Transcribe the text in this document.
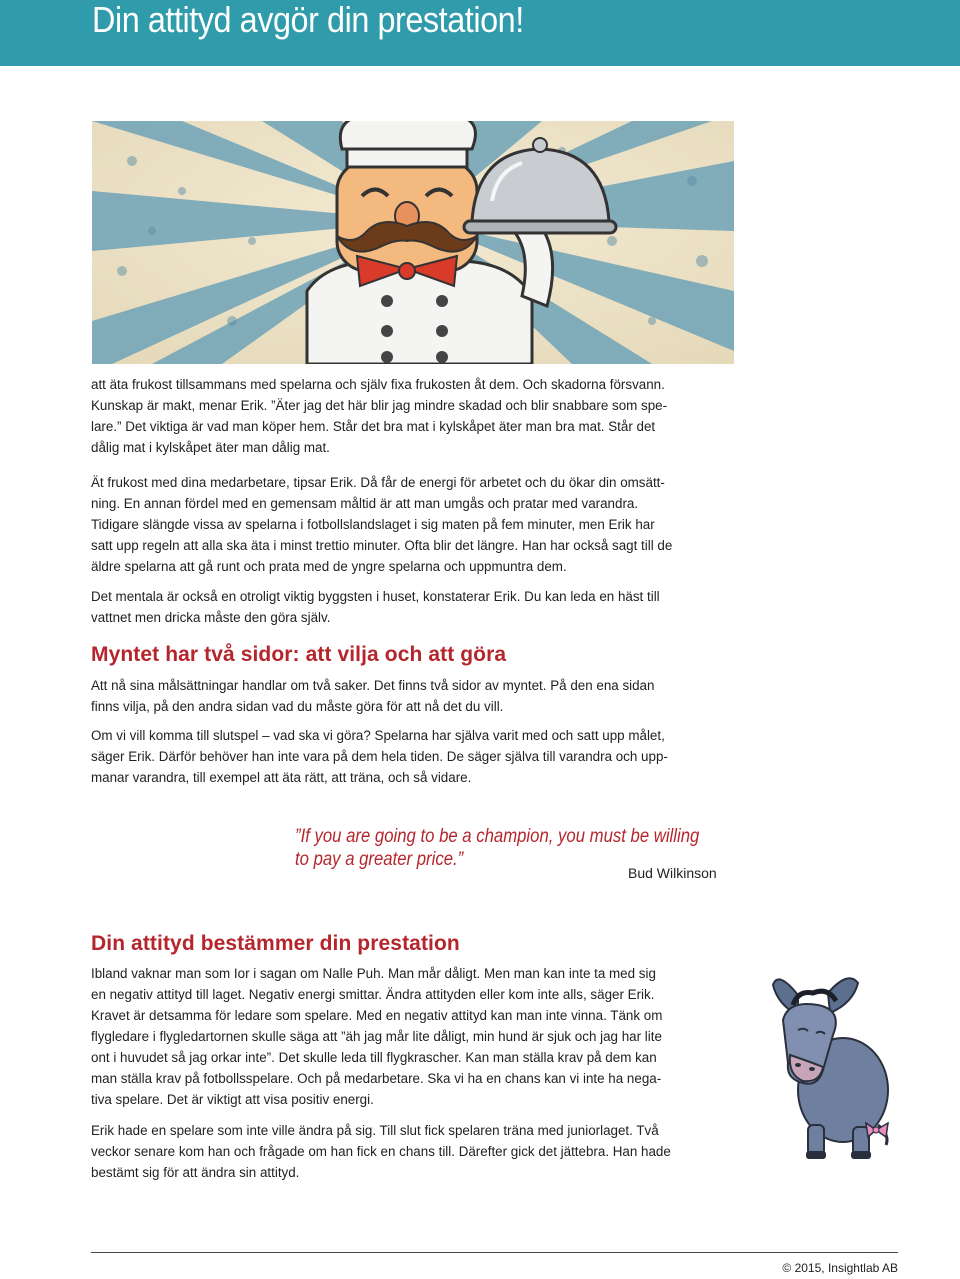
Din attityd avgör din prestation!

att äta frukost tillsammans med spelarna och själv fixa frukosten åt dem. Och skadorna försvann.

Kunskap är makt, menar Erik. ”Äter jag det här blir jag mindre skadad och blir snabbare som spe-

lare.” Det viktiga är vad man köper hem. Står det bra mat i kylskåpet äter man bra mat. Står det

dålig mat i kylskåpet äter man dålig mat.

Ät frukost med dina medarbetare, tipsar Erik. Då får de energi för arbetet och du ökar din omsätt-

ning. En annan fördel med en gemensam måltid är att man umgås och pratar med varandra.

Tidigare slängde vissa av spelarna i fotbollslandslaget i sig maten på fem minuter, men Erik har

satt upp regeln att alla ska äta i minst trettio minuter. Ofta blir det längre. Han har också sagt till de

äldre spelarna att gå runt och prata med de yngre spelarna och uppmuntra dem.

Det mentala är också en otroligt viktig byggsten i huset, konstaterar Erik. Du kan leda en häst till

vattnet men dricka måste den göra själv.

Myntet har två sidor: att vilja och att göra

Att nå sina målsättningar handlar om två saker. Det finns två sidor av myntet. På den ena sidan

finns vilja, på den andra sidan vad du måste göra för att nå det du vill.

Om vi vill komma till slutspel – vad ska vi göra? Spelarna har själva varit med och satt upp målet,

säger Erik. Därför behöver han inte vara på dem hela tiden. De säger själva till varandra och upp-

manar varandra, till exempel att äta rätt, att träna, och så vidare.

”If you are going to be a champion, you must be willing
to pay a greater price.”
Bud Wilkinson
Din attityd bestämmer din prestation

Ibland vaknar man som Ior i sagan om Nalle Puh. Man mår dåligt. Men man kan inte ta med sig

en negativ attityd till laget. Negativ energi smittar. Ändra attityden eller kom inte alls, säger Erik.

Kravet är detsamma för ledare som spelare. Med en negativ attityd kan man inte vinna. Tänk om

flygledare i flygledartornen skulle säga att ”äh jag mår lite dåligt, min hund är sjuk och jag har lite

ont i huvudet så jag orkar inte”. Det skulle leda till flygkrascher. Kan man ställa krav på dem kan

man ställa krav på fotbollsspelare. Och på medarbetare. Ska vi ha en chans kan vi inte ha nega-

tiva spelare. Det är viktigt att visa positiv energi.

Erik hade en spelare som inte ville ändra på sig. Till slut fick spelaren träna med juniorlaget. Två

veckor senare kom han och frågade om han fick en chans till. Därefter gick det jättebra. Han hade

bestämt sig för att ändra sin attityd.

© 2015, Insightlab AB
